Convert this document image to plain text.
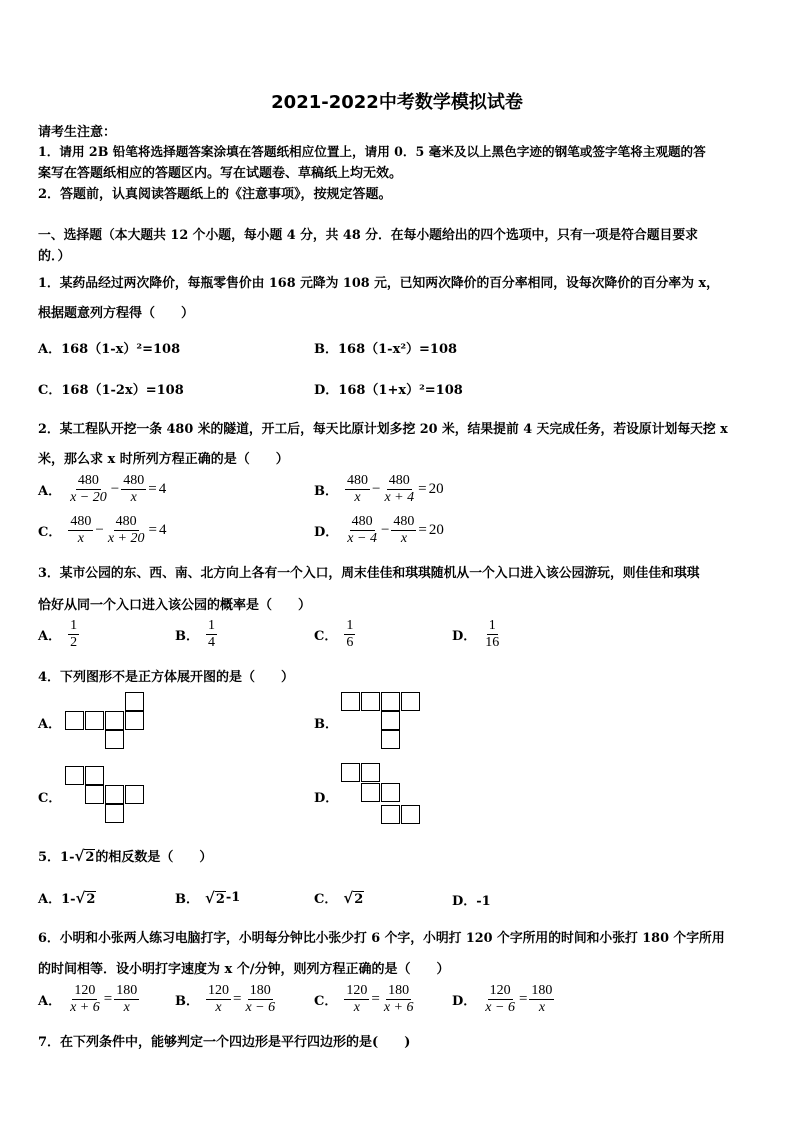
2021-2022中考数学模拟试卷
请考生注意：
1．请用 2B 铅笔将选择题答案涂填在答题纸相应位置上，请用 0．5 毫米及以上黑色字迹的钢笔或签字笔将主观题的答
案写在答题纸相应的答题区内。写在试题卷、草稿纸上均无效。
2．答题前，认真阅读答题纸上的《注意事项》，按规定答题。
一、选择题（本大题共 12 个小题，每小题 4 分，共 48 分．在每小题给出的四个选项中，只有一项是符合题目要求
的．）
1．某药品经过两次降价，每瓶零售价由 168 元降为 108 元，已知两次降价的百分率相同，设每次降价的百分率为 x，
根据题意列方程得（　　）
A．168（1-x）²=108	B．168（1-x²）=108
C．168（1-2x）=108	D．168（1+x）²=108
2．某工程队开挖一条 480 米的隧道，开工后，每天比原计划多挖 20 米，结果提前 4 天完成任务，若设原计划每天挖 x
米，那么求 x 时所列方程正确的是（　　）
A． $\frac{480}{x - 20} - \frac{480}{x} = 4$	B． $\frac{480}{x} - \frac{480}{x + 4} = 20$
C． $\frac{480}{x} - \frac{480}{x + 20} = 4$	D． $\frac{480}{x - 4} - \frac{480}{x} = 20$
3．某市公园的东、西、南、北方向上各有一个入口，周末佳佳和琪琪随机从一个入口进入该公园游玩，则佳佳和琪琪
恰好从同一个入口进入该公园的概率是（　　）
A． $\frac{1}{2}$	B． $\frac{1}{4}$	C． $\frac{1}{6}$	D． $\frac{1}{16}$
4．下列图形不是正方体展开图的是（　　）
A．	B．
C．	D．
5．1- √ 2 的相反数是（　　）
A．1- √ 2	B． √ 2 -1	C． √ 2	D．-1
6．小明和小张两人练习电脑打字，小明每分钟比小张少打 6 个字，小明打 120 个字所用的时间和小张打 180 个字所用
的时间相等．设小明打字速度为 x 个/分钟，则列方程正确的是（　　）
A． $\frac{120}{x + 6} = \frac{180}{x}$	B． $\frac{120}{x} = \frac{180}{x - 6}$	C． $\frac{120}{x} = \frac{180}{x + 6}$	D． $\frac{120}{x - 6} = \frac{180}{x}$
7．在下列条件中，能够判定一个四边形是平行四边形的是(　　)
